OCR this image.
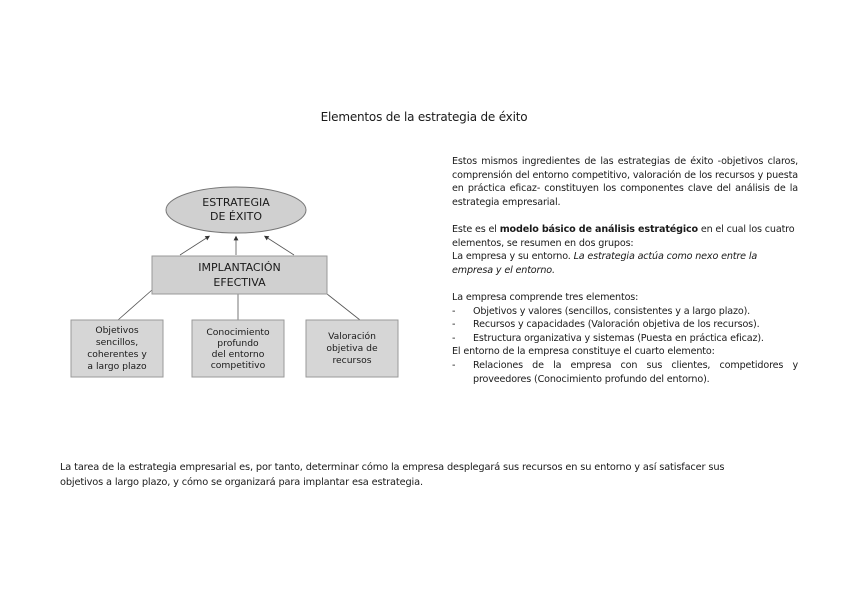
Elementos de la estrategia de éxito
ESTRATEGIA
DE ÉXITO
IMPLANTACIÓN
EFECTIVA
Objetivos
sencillos,
coherentes y
a largo plazo
Conocimiento
profundo
del entorno
competitivo
Valoración
objetiva de
recursos

Estos mismos ingredientes de las estrategias de éxito -objetivos claros, comprensión del entorno competitivo, valoración de los recursos y puesta en práctica eficaz- constituyen los componentes clave del análisis de la estrategia empresarial.

Este es el modelo básico de análisis estratégico en el cual los cuatro elementos, se resumen en dos grupos:

La empresa y su entorno. La estrategia actúa como nexo entre la empresa y el entorno.

La empresa comprende tres elementos:

-	Objetivos y valores (sencillos, consistentes y a largo plazo).
-	Recursos y capacidades (Valoración objetiva de los recursos).
-	Estructura organizativa y sistemas (Puesta en práctica eficaz).

El entorno de la empresa constituye el cuarto elemento:

-	Relaciones de la empresa con sus clientes, competidores y proveedores (Conocimiento profundo del entorno).
La tarea de la estrategia empresarial es, por tanto, determinar cómo la empresa desplegará sus recursos en su entorno y así satisfacer sus objetivos a largo plazo, y cómo se organizará para implantar esa estrategia.
